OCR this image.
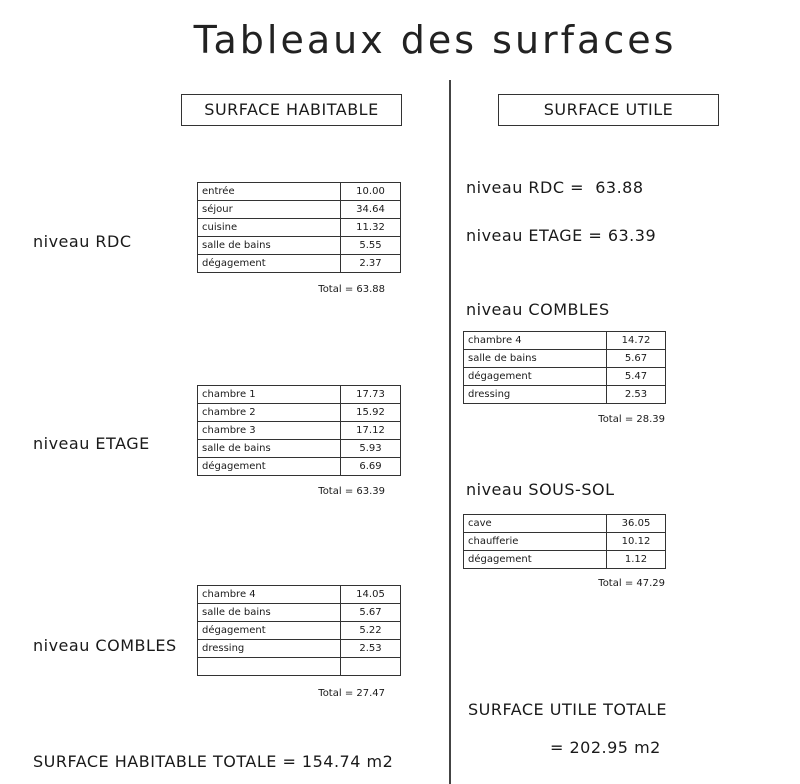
Tableaux des surfaces
SURFACE HABITABLE
niveau RDC
entrée	10.00
séjour	34.64
cuisine	11.32
salle de bains	5.55
dégagement	2.37
Total = 63.88
niveau ETAGE
chambre 1	17.73
chambre 2	15.92
chambre 3	17.12
salle de bains	5.93
dégagement	6.69
Total = 63.39
niveau COMBLES
chambre 4	14.05
salle de bains	5.67
dégagement	5.22
dressing	2.53

Total = 27.47
SURFACE HABITABLE TOTALE = 154.74 m2
SURFACE UTILE
niveau RDC =  63.88
niveau ETAGE = 63.39
niveau COMBLES
chambre 4	14.72
salle de bains	5.67
dégagement	5.47
dressing	2.53
Total = 28.39
niveau SOUS-SOL
cave	36.05
chaufferie	10.12
dégagement	1.12
Total = 47.29
SURFACE UTILE TOTALE
= 202.95 m2
